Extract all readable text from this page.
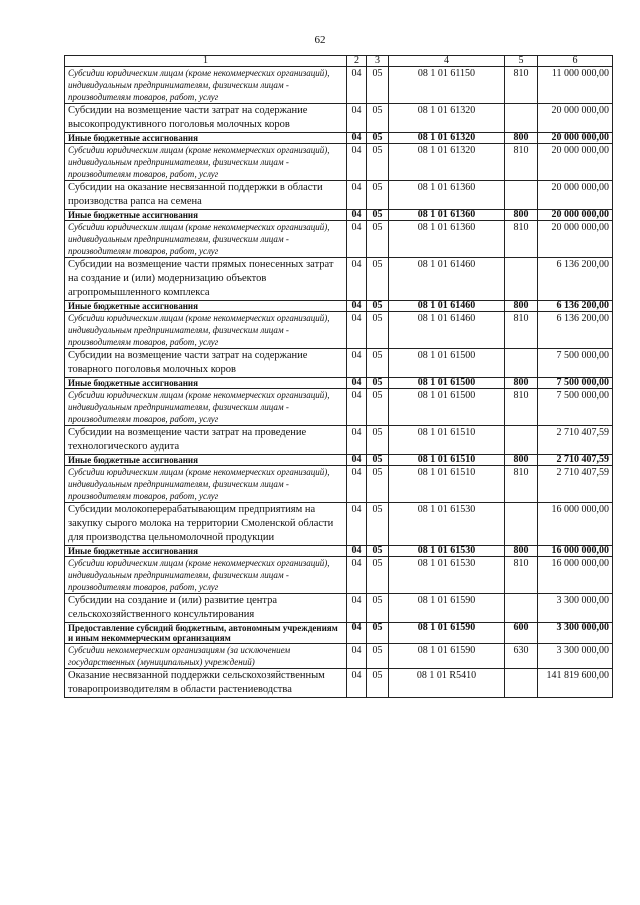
62
1	2	3	4	5	6
Субсидии юридическим лицам (кроме некоммерческих организаций), индивидуальным предпринимателям, физическим лицам - производителям товаров, работ, услуг	04	05	08 1 01 61150	810	11 000 000,00
Субсидии на возмещение части затрат на содержание высокопродуктивного поголовья молочных коров	04	05	08 1 01 61320		20 000 000,00
Иные бюджетные ассигнования	04	05	08 1 01 61320	800	20 000 000,00
Субсидии юридическим лицам (кроме некоммерческих организаций), индивидуальным предпринимателям, физическим лицам - производителям товаров, работ, услуг	04	05	08 1 01 61320	810	20 000 000,00
Субсидии на оказание несвязанной поддержки в области производства рапса на семена	04	05	08 1 01 61360		20 000 000,00
Иные бюджетные ассигнования	04	05	08 1 01 61360	800	20 000 000,00
Субсидии юридическим лицам (кроме некоммерческих организаций), индивидуальным предпринимателям, физическим лицам - производителям товаров, работ, услуг	04	05	08 1 01 61360	810	20 000 000,00
Субсидии на возмещение части прямых понесенных затрат на создание и (или) модернизацию объектов агропромышленного комплекса	04	05	08 1 01 61460		6 136 200,00
Иные бюджетные ассигнования	04	05	08 1 01 61460	800	6 136 200,00
Субсидии юридическим лицам (кроме некоммерческих организаций), индивидуальным предпринимателям, физическим лицам - производителям товаров, работ, услуг	04	05	08 1 01 61460	810	6 136 200,00
Субсидии на возмещение части затрат на содержание товарного поголовья молочных коров	04	05	08 1 01 61500		7 500 000,00
Иные бюджетные ассигнования	04	05	08 1 01 61500	800	7 500 000,00
Субсидии юридическим лицам (кроме некоммерческих организаций), индивидуальным предпринимателям, физическим лицам - производителям товаров, работ, услуг	04	05	08 1 01 61500	810	7 500 000,00
Субсидии на возмещение части затрат на проведение технологического аудита	04	05	08 1 01 61510		2 710 407,59
Иные бюджетные ассигнования	04	05	08 1 01 61510	800	2 710 407,59
Субсидии юридическим лицам (кроме некоммерческих организаций), индивидуальным предпринимателям, физическим лицам - производителям товаров, работ, услуг	04	05	08 1 01 61510	810	2 710 407,59
Субсидии молокоперерабатывающим предприятиям на закупку сырого молока на территории Смоленской области для производства цельномолочной продукции	04	05	08 1 01 61530		16 000 000,00
Иные бюджетные ассигнования	04	05	08 1 01 61530	800	16 000 000,00
Субсидии юридическим лицам (кроме некоммерческих организаций), индивидуальным предпринимателям, физическим лицам - производителям товаров, работ, услуг	04	05	08 1 01 61530	810	16 000 000,00
Субсидии на создание и (или) развитие центра сельскохозяйственного консультирования	04	05	08 1 01 61590		3 300 000,00
Предоставление субсидий бюджетным, автономным учреждениям и иным некоммерческим организациям	04	05	08 1 01 61590	600	3 300 000,00
Субсидии некоммерческим организациям (за исключением государственных (муниципальных) учреждений)	04	05	08 1 01 61590	630	3 300 000,00
Оказание несвязанной поддержки сельскохозяйственным товаропроизводителям в области растениеводства	04	05	08 1 01 R5410		141 819 600,00
